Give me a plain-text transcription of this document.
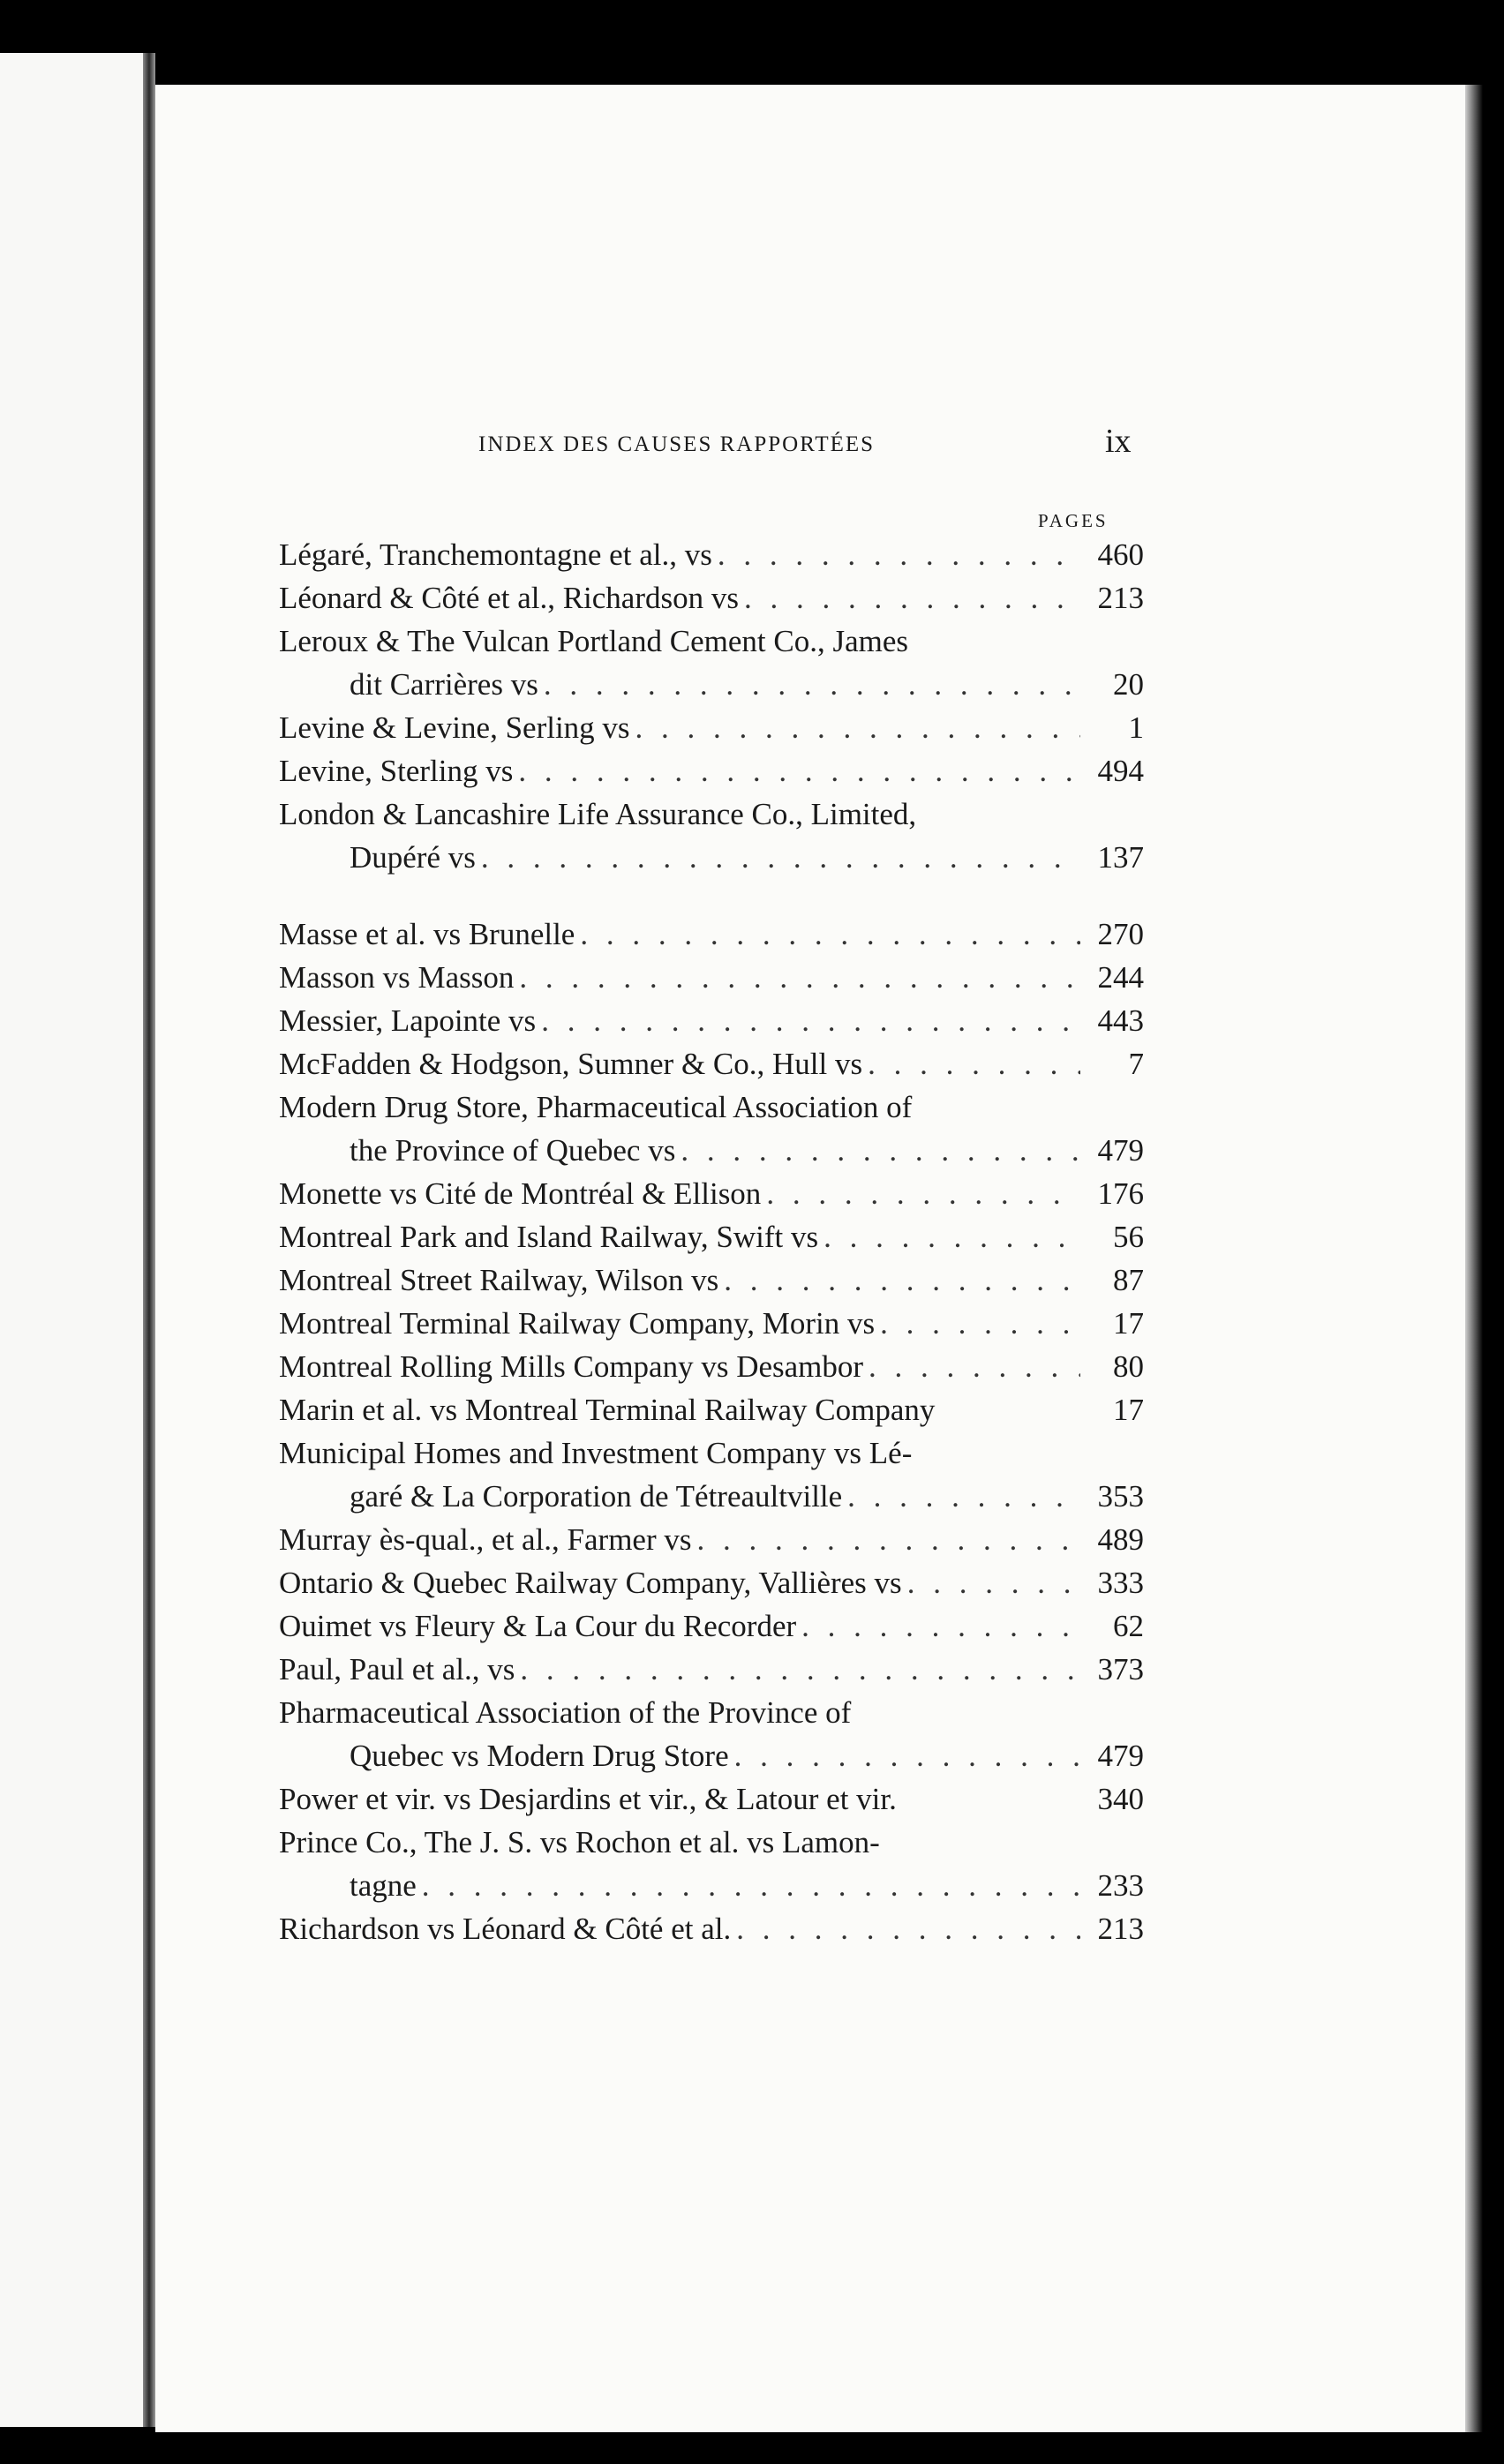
INDEX DES CAUSES RAPPORTÉES	ix
PAGES
Légaré, Tranchemontagne et al., vs . . .	460
Léonard & Côté et al., Richardson vs . . .	213
Leroux & The Vulcan Portland Cement Co., James
dit Carrières vs . . .	20
Levine & Levine, Serling vs . . .	1
Levine, Sterling vs . . .	494
London & Lancashire Life Assurance Co., Limited,
Dupéré vs . . .	137
Masse et al. vs Brunelle . . .	270
Masson vs Masson . . .	244
Messier, Lapointe vs . . .	443
McFadden & Hodgson, Sumner & Co., Hull vs . . .	7
Modern Drug Store, Pharmaceutical Association of
the Province of Quebec vs . . .	479
Monette vs Cité de Montréal & Ellison . . .	176
Montreal Park and Island Railway, Swift vs . . .	56
Montreal Street Railway, Wilson vs . . .	87
Montreal Terminal Railway Company, Morin vs . . .	17
Montreal Rolling Mills Company vs Desambor . . .	80
Marin et al. vs Montreal Terminal Railway Company	17
Municipal Homes and Investment Company vs Lé-
garé & La Corporation de Tétreaultville . . .	353
Murray ès-qual., et al., Farmer vs . . .	489
Ontario & Quebec Railway Company, Vallières vs . . .	333
Ouimet vs Fleury & La Cour du Recorder . . .	62
Paul, Paul et al., vs . . .	373
Pharmaceutical Association of the Province of
Quebec vs Modern Drug Store . . .	479
Power et vir. vs Desjardins et vir., & Latour et vir.	340
Prince Co., The J. S. vs Rochon et al. vs Lamon-
tagne . . .	233
Richardson vs Léonard & Côté et al. . . .	213
